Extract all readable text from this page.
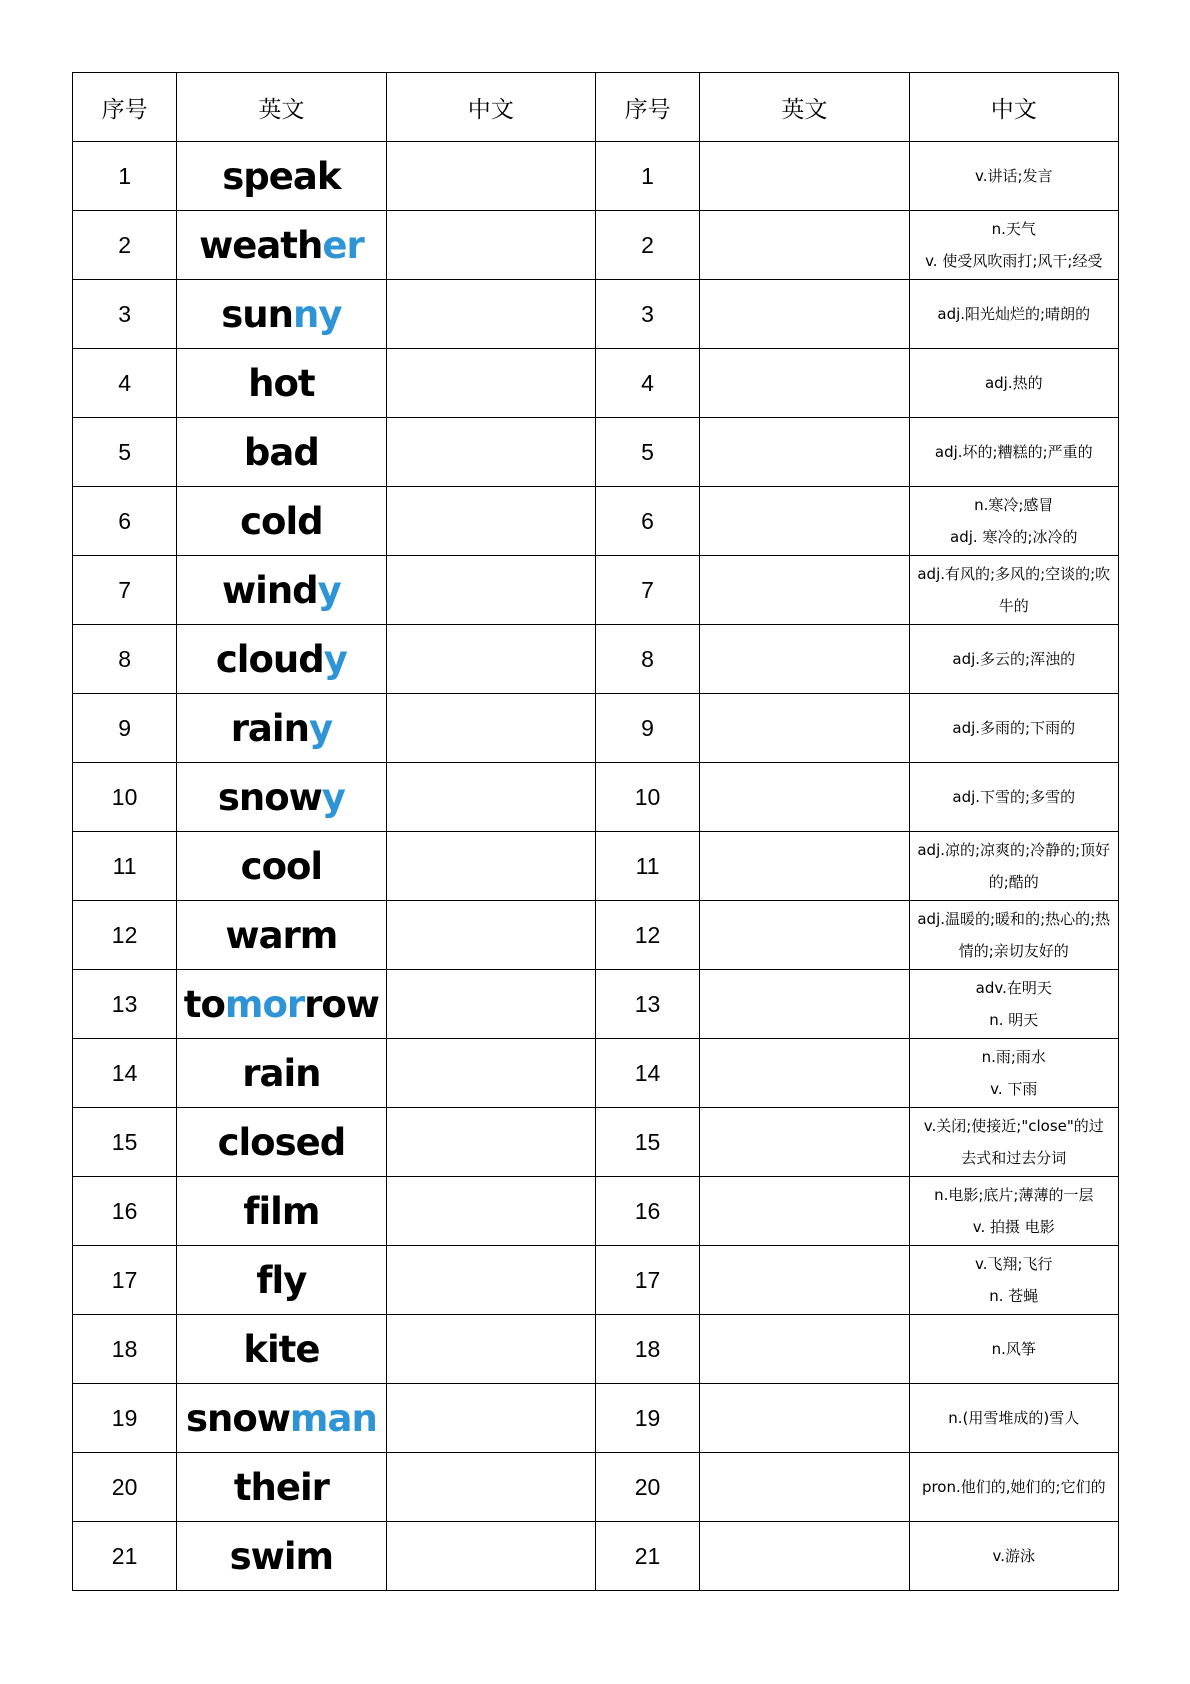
序号	英文	中文	序号	英文	中文
1	speak		1		v.讲话;发言

2	weather		2		n.天气
v. 使受风吹雨打;风干;经受

3	sunny		3		adj.阳光灿烂的;晴朗的

4	hot		4		adj.热的

5	bad		5		adj.坏的;糟糕的;严重的

6	cold		6		n.寒冷;感冒
adj. 寒冷的;冰冷的

7	windy		7		adj.有风的;多风的;空谈的;吹
牛的

8	cloudy		8		adj.多云的;浑浊的

9	rainy		9		adj.多雨的;下雨的

10	snowy		10		adj.下雪的;多雪的

11	cool		11		adj.凉的;凉爽的;冷静的;顶好
的;酷的

12	warm		12		adj.温暖的;暖和的;热心的;热
情的;亲切友好的

13	tomorrow		13		adv.在明天
n. 明天

14	rain		14		n.雨;雨水
v. 下雨

15	closed		15		v.关闭;使接近;"close"的过
去式和过去分词

16	film		16		n.电影;底片;薄薄的一层
v. 拍摄 电影

17	fly		17		v.飞翔;飞行
n. 苍蝇

18	kite		18		n.风筝

19	snowman		19		n.(用雪堆成的)雪人

20	their		20		pron.他们的,她们的;它们的

21	swim		21		v.游泳
